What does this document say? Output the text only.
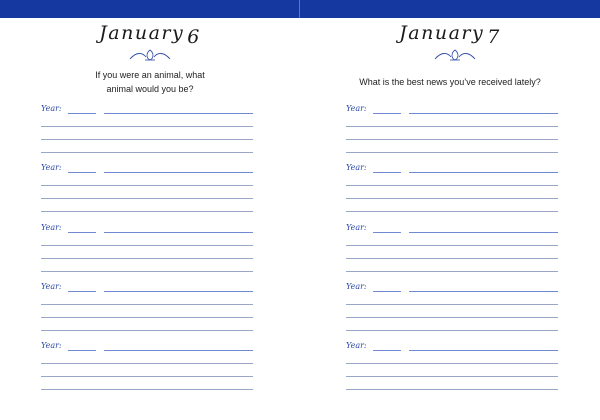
January 6
If you were an animal, what
animal would you be?
Year:
Year:
Year:
Year:
Year:
January 7
What is the best news you’ve received lately?
Year:
Year:
Year:
Year:
Year:
